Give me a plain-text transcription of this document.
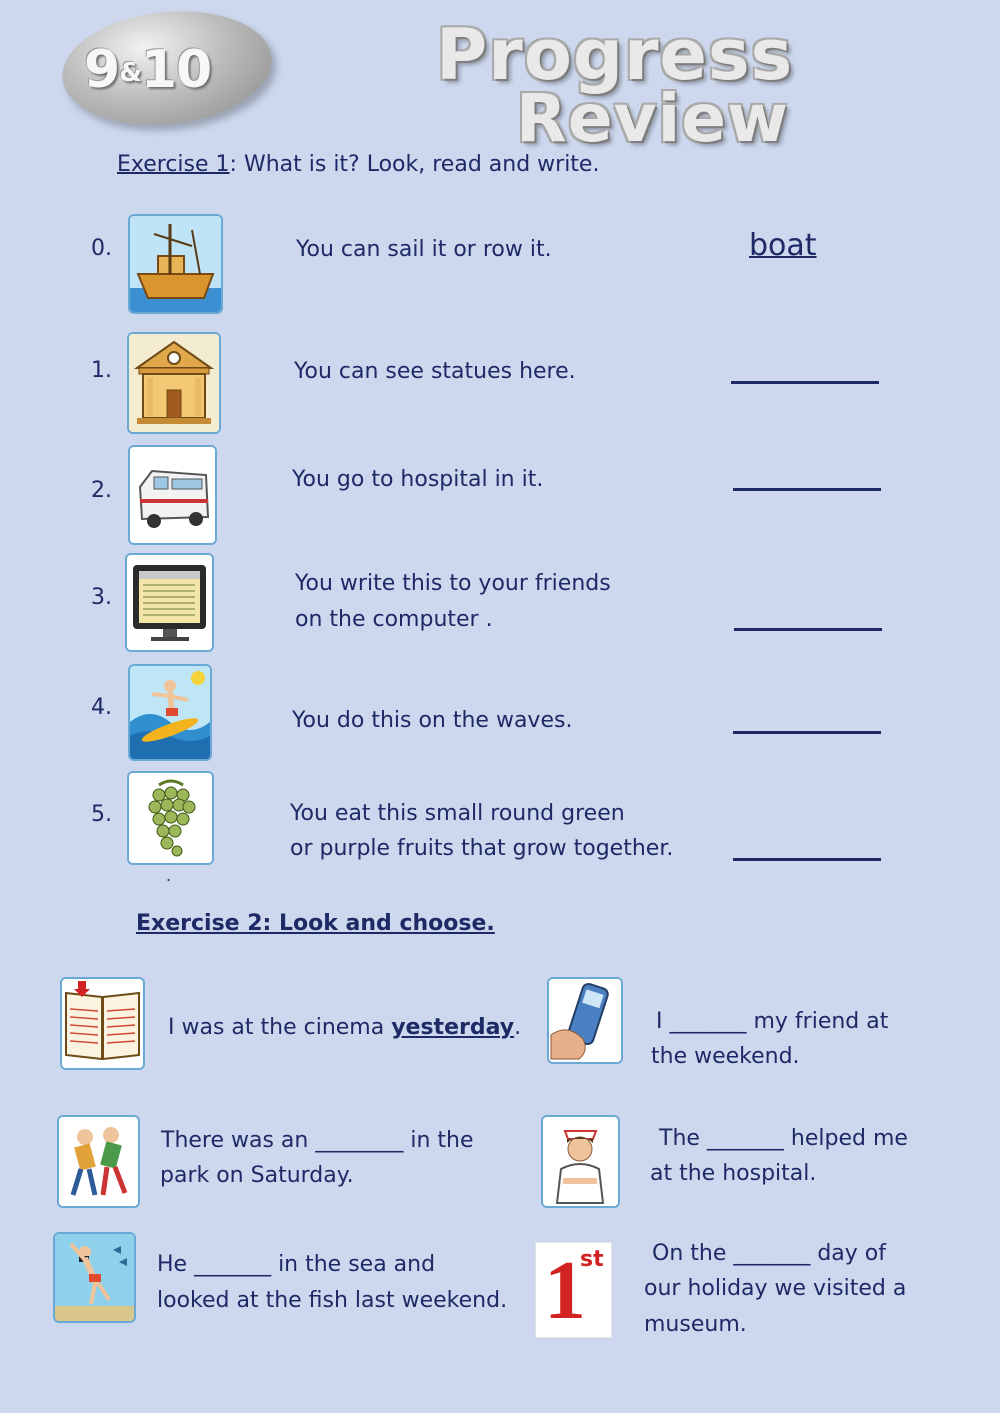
9&10	Progress
Review
Exercise 1: What is it? Look, read and write.
0.	You can sail it or row it.	boat
1.	You can see statues here.
2.	You go to hospital in it.
3.
You write this to your friends
on the computer .
4.
You do this on the waves.
5.	You eat this small round green
or purple fruits that grow together.
.
Exercise 2: Look and choose.
I was at the cinema yesterday.	I _______ my friend at
the weekend.
There was an ________ in the
park on Saturday.
The _______ helped me
at the hospital.
He _______ in the sea and
looked at the fish last weekend. 1
st On the _______ day of
our holiday we visited a
museum.
